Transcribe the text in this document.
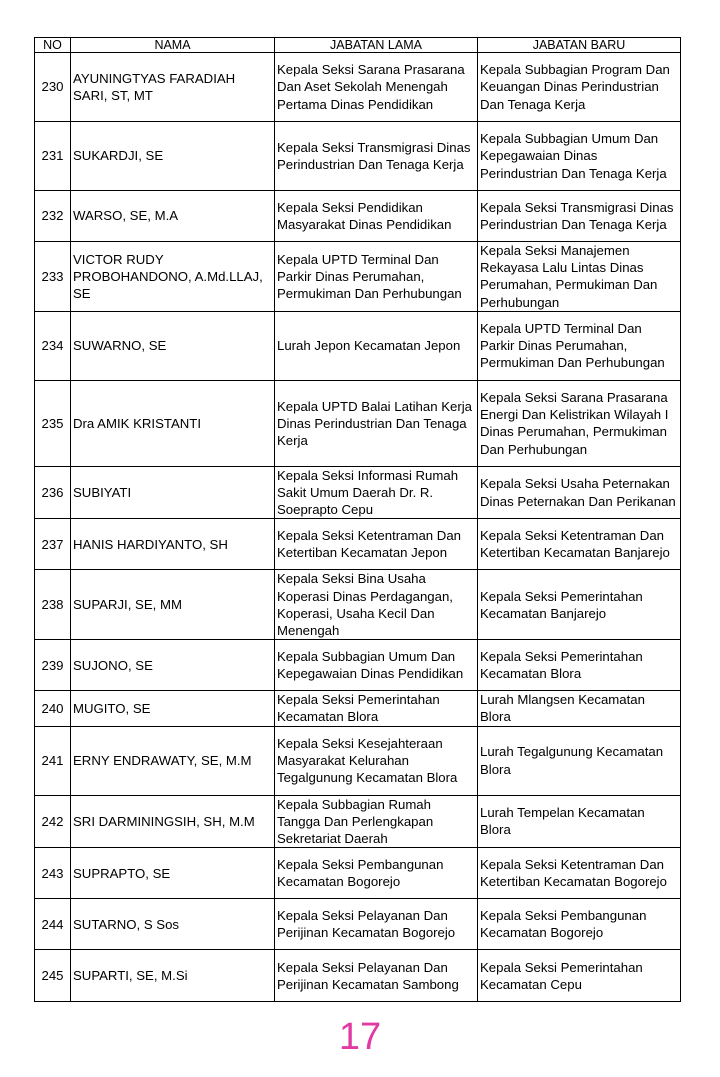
NO	NAMA	JABATAN LAMA	JABATAN BARU
230	AYUNINGTYAS FARADIAH SARI, ST, MT	Kepala Seksi Sarana Prasarana Dan Aset Sekolah Menengah Pertama Dinas Pendidikan	Kepala Subbagian Program Dan Keuangan Dinas Perindustrian Dan Tenaga Kerja
231	SUKARDJI, SE	Kepala Seksi Transmigrasi Dinas Perindustrian Dan Tenaga Kerja	Kepala Subbagian Umum Dan Kepegawaian Dinas Perindustrian Dan Tenaga Kerja
232	WARSO, SE, M.A	Kepala Seksi Pendidikan Masyarakat Dinas Pendidikan	Kepala Seksi Transmigrasi Dinas Perindustrian Dan Tenaga Kerja
233	VICTOR RUDY PROBOHANDONO, A.Md.LLAJ, SE	Kepala UPTD Terminal Dan Parkir Dinas Perumahan, Permukiman Dan Perhubungan	Kepala Seksi Manajemen Rekayasa Lalu Lintas Dinas Perumahan, Permukiman Dan Perhubungan
234	SUWARNO, SE	Lurah Jepon Kecamatan Jepon	Kepala UPTD Terminal Dan Parkir Dinas Perumahan, Permukiman Dan Perhubungan
235	Dra AMIK KRISTANTI	Kepala UPTD Balai Latihan Kerja Dinas Perindustrian Dan Tenaga Kerja	Kepala Seksi Sarana Prasarana Energi Dan Kelistrikan Wilayah I Dinas Perumahan, Permukiman Dan Perhubungan
236	SUBIYATI	Kepala Seksi Informasi Rumah Sakit Umum Daerah Dr. R. Soeprapto Cepu	Kepala Seksi Usaha Peternakan Dinas Peternakan Dan Perikanan
237	HANIS HARDIYANTO, SH	Kepala Seksi Ketentraman Dan Ketertiban Kecamatan Jepon	Kepala Seksi Ketentraman Dan Ketertiban Kecamatan Banjarejo
238	SUPARJI, SE, MM	Kepala Seksi Bina Usaha Koperasi Dinas Perdagangan, Koperasi, Usaha Kecil Dan Menengah	Kepala Seksi Pemerintahan Kecamatan Banjarejo
239	SUJONO, SE	Kepala Subbagian Umum Dan Kepegawaian Dinas Pendidikan	Kepala Seksi Pemerintahan Kecamatan Blora
240	MUGITO, SE	Kepala Seksi Pemerintahan Kecamatan Blora	Lurah Mlangsen Kecamatan Blora
241	ERNY ENDRAWATY, SE, M.M	Kepala Seksi Kesejahteraan Masyarakat Kelurahan Tegalgunung Kecamatan Blora	Lurah Tegalgunung Kecamatan Blora
242	SRI DARMININGSIH, SH, M.M	Kepala Subbagian Rumah Tangga Dan Perlengkapan Sekretariat Daerah	Lurah Tempelan Kecamatan Blora
243	SUPRAPTO, SE	Kepala Seksi Pembangunan Kecamatan Bogorejo	Kepala Seksi Ketentraman Dan Ketertiban Kecamatan Bogorejo
244	SUTARNO, S Sos	Kepala Seksi Pelayanan Dan Perijinan Kecamatan Bogorejo	Kepala Seksi Pembangunan Kecamatan Bogorejo
245	SUPARTI, SE, M.Si	Kepala Seksi Pelayanan Dan Perijinan Kecamatan Sambong	Kepala Seksi Pemerintahan Kecamatan Cepu
17
